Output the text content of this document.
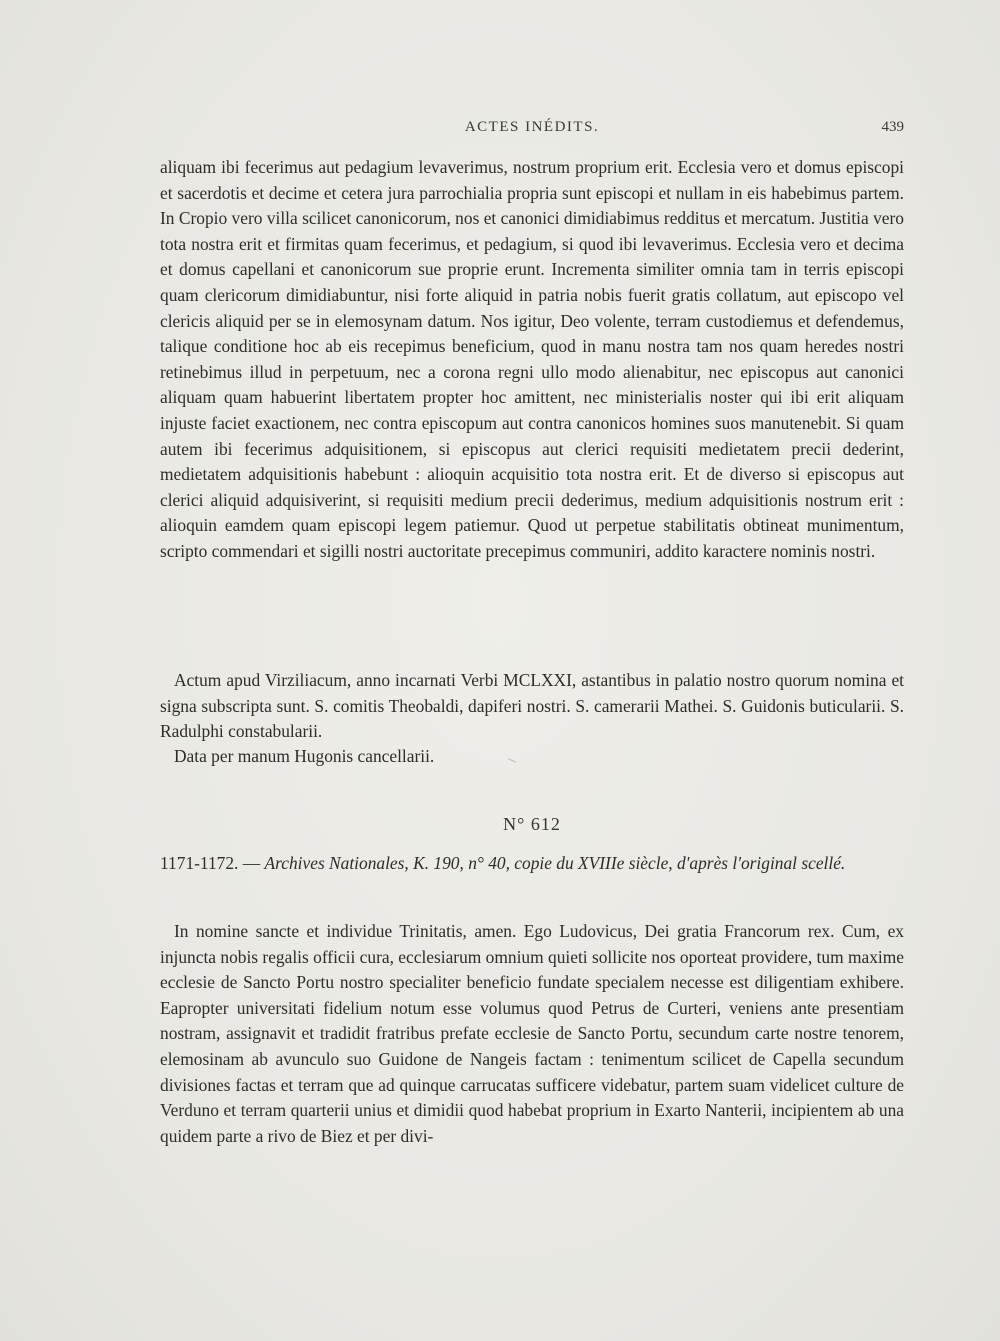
ACTES INÉDITS.	439

aliquam ibi fecerimus aut pedagium levaverimus, nostrum proprium erit. Ecclesia vero et domus episcopi et sacerdotis et decime et cetera jura parrochialia propria sunt episcopi et nullam in eis habebimus partem. In Cropio vero villa scilicet canonicorum, nos et canonici dimidiabimus redditus et mercatum. Justitia vero tota nostra erit et firmitas quam fecerimus, et pedagium, si quod ibi levaverimus. Ecclesia vero et decima et domus capellani et canonicorum sue proprie erunt. Incrementa similiter omnia tam in terris episcopi quam clericorum dimidiabuntur, nisi forte aliquid in patria nobis fuerit gratis collatum, aut episcopo vel clericis aliquid per se in elemosynam datum. Nos igitur, Deo volente, terram custodiemus et defendemus, talique conditione hoc ab eis recepimus beneficium, quod in manu nostra tam nos quam heredes nostri retinebimus illud in perpetuum, nec a corona regni ullo modo alienabitur, nec episcopus aut canonici aliquam quam habuerint libertatem propter hoc amittent, nec ministerialis noster qui ibi erit aliquam injuste faciet exactionem, nec contra episcopum aut contra canonicos homines suos manutenebit. Si quam autem ibi fecerimus adquisitionem, si episcopus aut clerici requisiti medietatem precii dederint, medietatem adquisitionis habebunt : alioquin acquisitio tota nostra erit. Et de diverso si episcopus aut clerici aliquid adquisiverint, si requisiti medium precii dederimus, medium adquisitionis nostrum erit : alioquin eamdem quam episcopi legem patiemur. Quod ut perpetue stabilitatis obtineat munimentum, scripto commendari et sigilli nostri auctoritate precepimus communiri, addito karactere nominis nostri.

Actum apud Virziliacum, anno incarnati Verbi MCLXXI, astantibus in palatio nostro quorum nomina et signa subscripta sunt. S. comitis Theobaldi, dapiferi nostri. S. camerarii Mathei. S. Guidonis buticularii. S. Radulphi constabularii.

Data per manum Hugonis cancellarii.

N° 612

1171-1172. — Archives Nationales, K. 190, n° 40, copie du XVIIIe siècle, d'après l'original scellé.

In nomine sancte et individue Trinitatis, amen. Ego Ludovicus, Dei gratia Francorum rex. Cum, ex injuncta nobis regalis officii cura, ecclesiarum omnium quieti sollicite nos oporteat providere, tum maxime ecclesie de Sancto Portu nostro specialiter beneficio fundate specialem necesse est diligentiam exhibere. Eapropter universitati fidelium notum esse volumus quod Petrus de Curteri, veniens ante presentiam nostram, assignavit et tradidit fratribus prefate ecclesie de Sancto Portu, secundum carte nostre tenorem, elemosinam ab avunculo suo Guidone de Nangeis factam : tenimentum scilicet de Capella secundum divisiones factas et terram que ad quinque carrucatas sufficere videbatur, partem suam videlicet culture de Verduno et terram quarterii unius et dimidii quod habebat proprium in Exarto Nanterii, incipientem ab una quidem parte a rivo de Biez et per divi-
